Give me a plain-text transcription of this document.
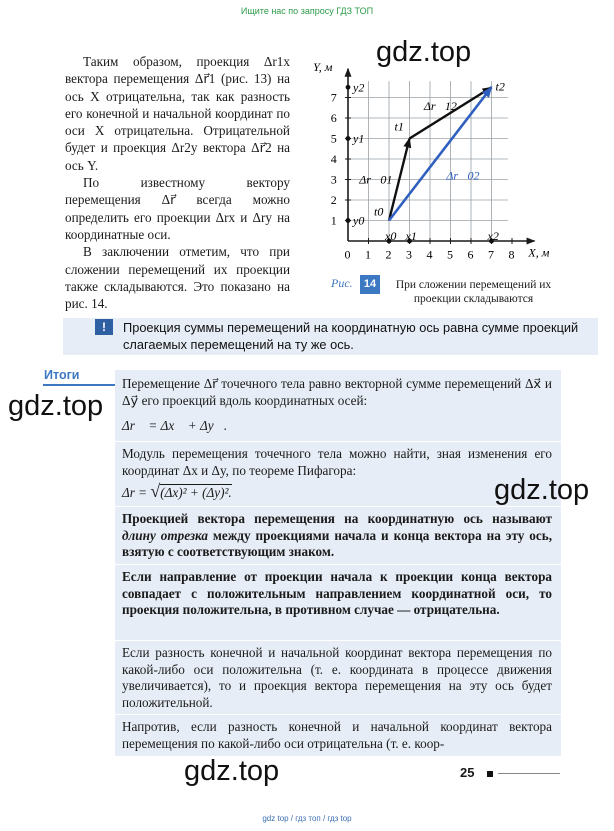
Ищите нас по запросу ГДЗ ТОП
gdz top / гдз топ / гдз top

Таким образом, проекция Δr1x вектора перемещения Δr⃗1 (рис. 13) на ось X отрицательна, так как разность его конечной и начальной координат по оси X отрицательна. Отрицательной будет и проекция Δr2y вектора Δr⃗2 на ось Y.

По известному вектору перемещения Δr⃗ всегда можно определить его проекции Δrx и Δry на координатные оси.

В заключении отметим, что при сложении перемещений их проекции также складываются. Это показано на рис. 14.

X, м
Y, м
0 1 2 3 4 5 6 7 8
1
2
3
4
5
6
7
t0
t1
t2
Δr⃗01
Δr⃗12
Δr⃗02
x0 x1	x2
y0
y1
y2
Рис.	14	При сложении перемещений их проекции складываются
!	Проекция суммы перемещений на координатную ось равна сумме проекций слагаемых перемещений на ту же ось.
Итоги
Перемещение Δr⃗ точечного тела равно векторной сумме перемещений Δx⃗ и Δy⃗ его проекций вдоль координатных осей:
Δr⃗ = Δx⃗ + Δy⃗.
Модуль перемещения точечного тела можно найти, зная изменения его координат Δx и Δy, по теореме Пифагора:
Δr = √(Δx)² + (Δy)².
Проекцией вектора перемещения на координатную ось называют длину отрезка между проекциями начала и конца вектора на эту ось, взятую с соответствующим знаком.
Если направление от проекции начала к проекции конца вектора совпадает с положительным направлением координатной оси, то проекция положительна, в противном случае — отрицательна.
Если разность конечной и начальной координат вектора перемещения по какой-либо оси положительна (т. е. координата в процессе движения увеличивается), то и проекция вектора перемещения на эту ось будет положительной.
Напротив, если разность конечной и начальной координат вектора перемещения по какой-либо оси отрицательна (т. е. коор-
gdz.top
gdz.top
gdz.top
gdz.top	25
